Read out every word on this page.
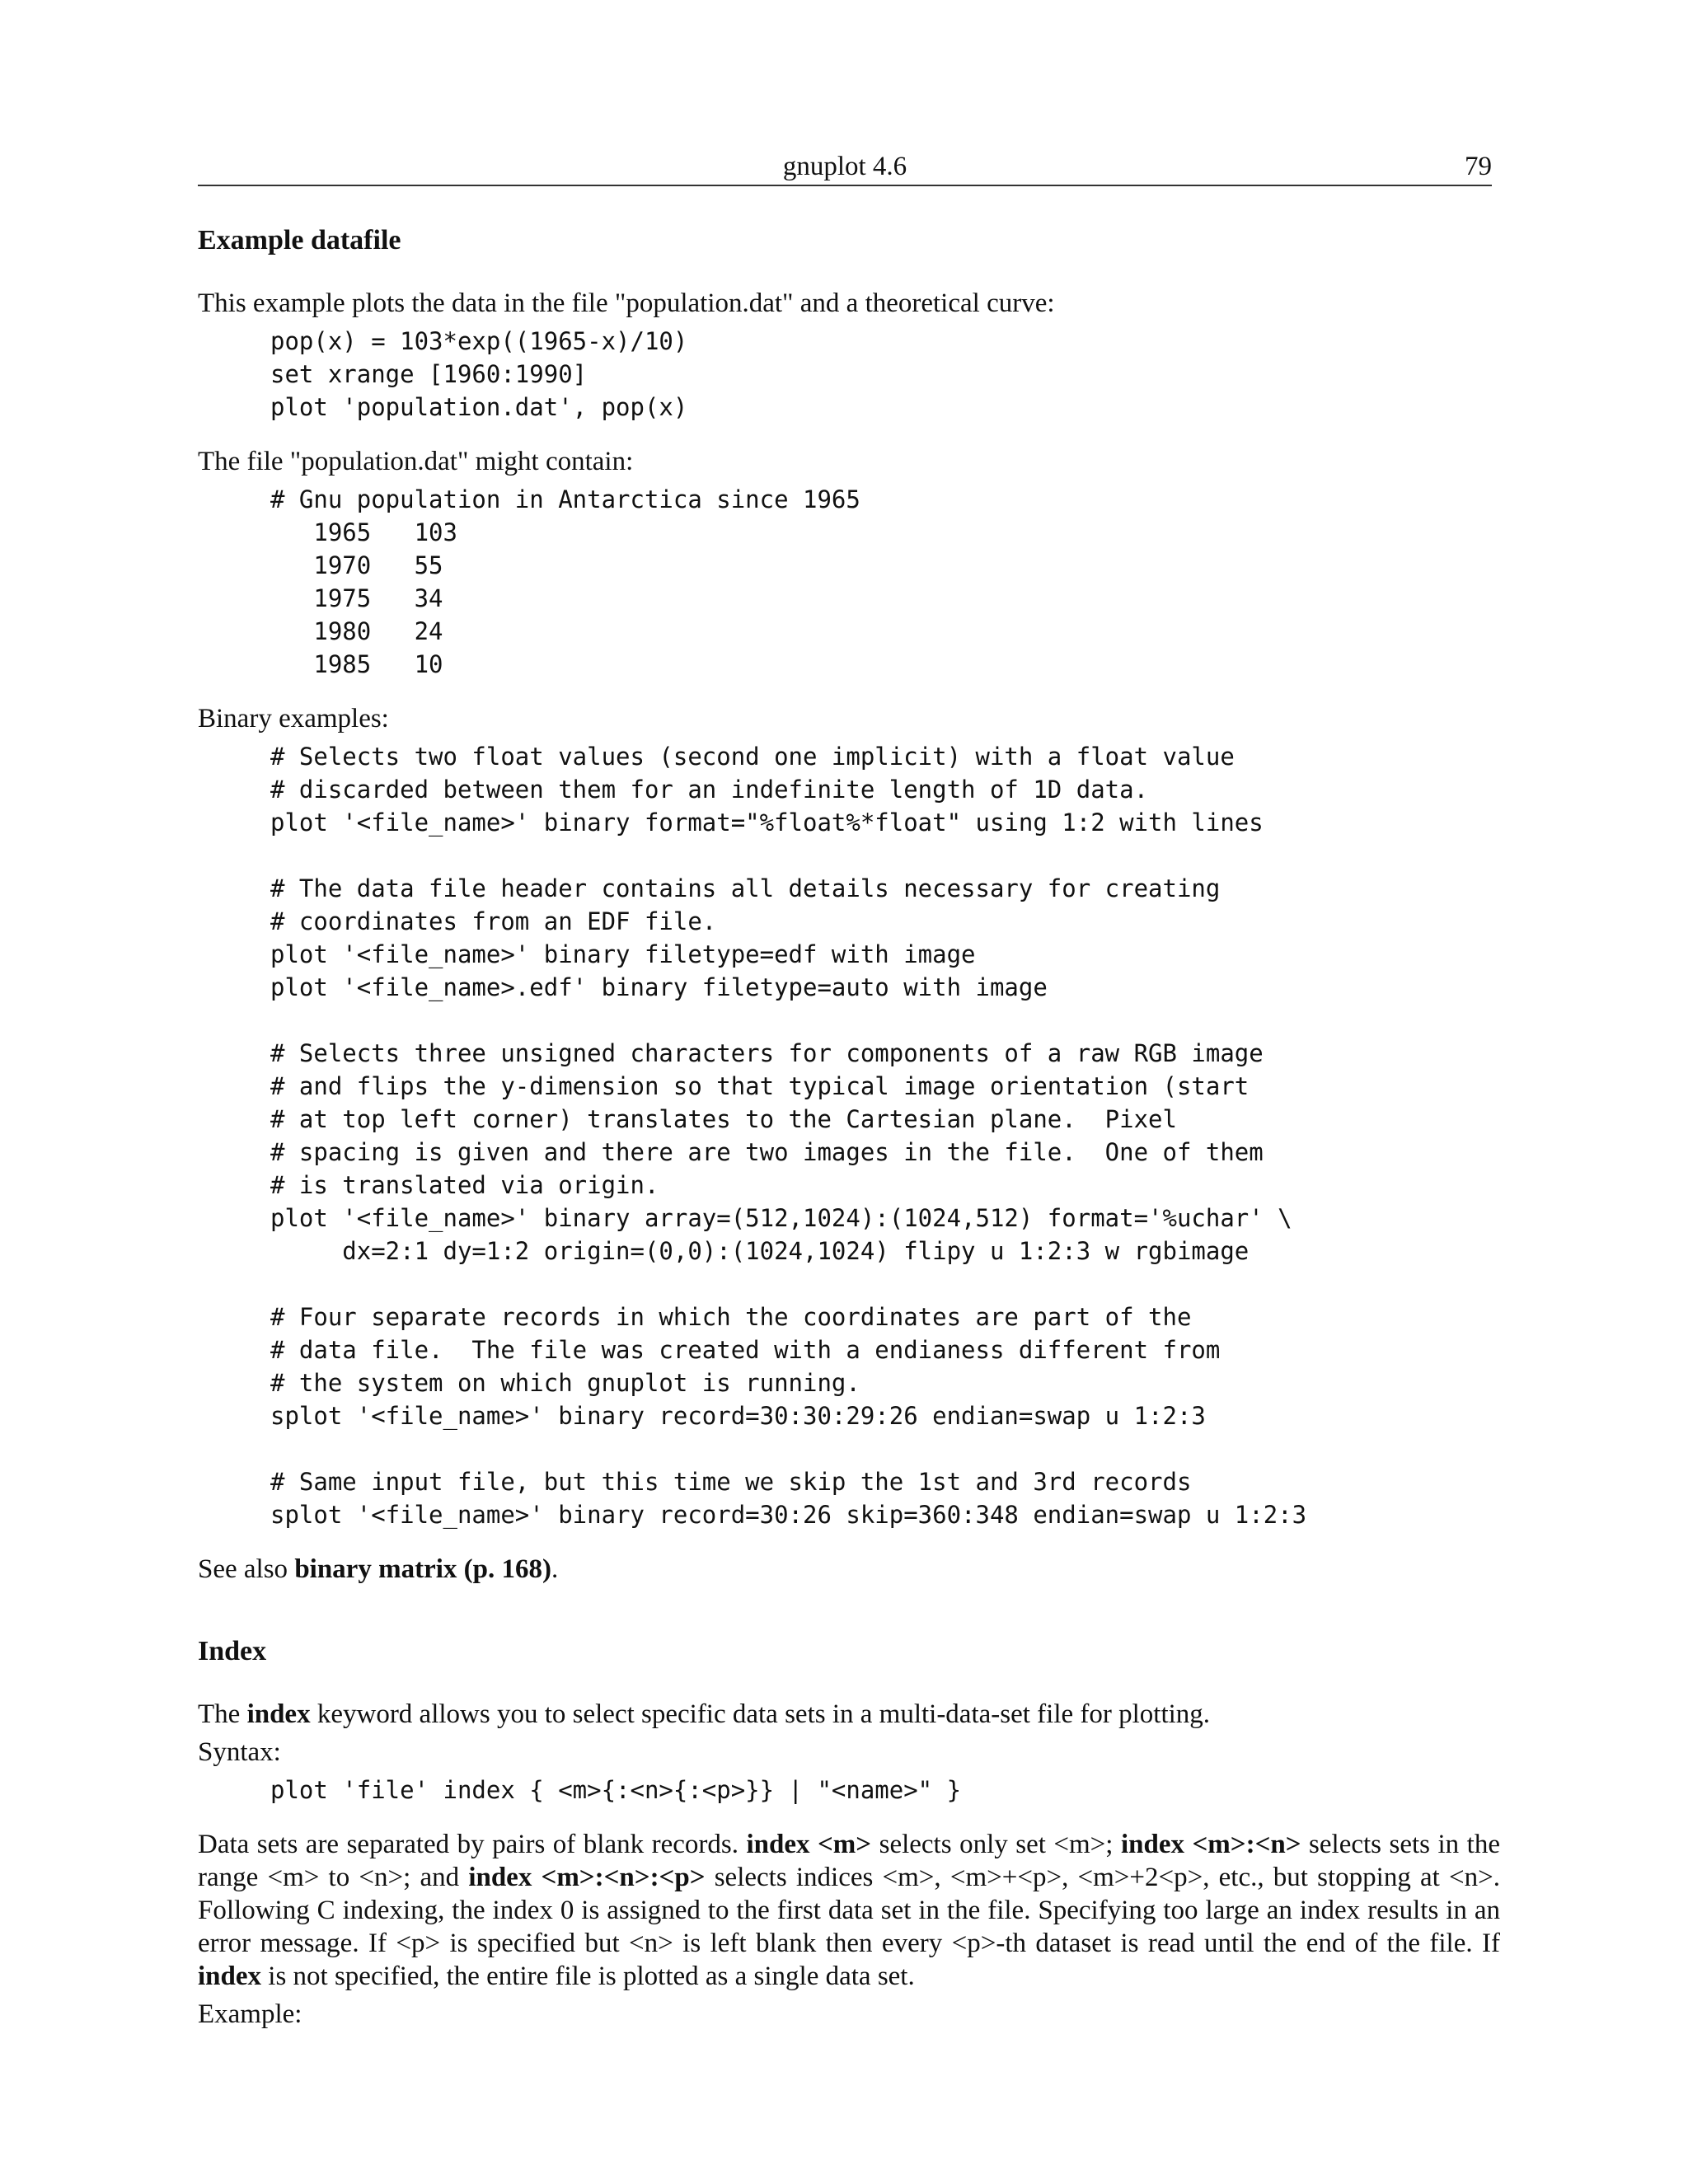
gnuplot 4.6	79
Example datafile

This example plots the data in the file "population.dat" and a theoretical curve:

pop(x) = 103*exp((1965-x)/10)
set xrange [1960:1990]
plot 'population.dat', pop(x)

The file "population.dat" might contain:

# Gnu population in Antarctica since 1965
1965   103
1970   55
1975   34
1980   24
1985   10

Binary examples:

# Selects two float values (second one implicit) with a float value
# discarded between them for an indefinite length of 1D data.
plot '<file_name>' binary format="%float%*float" using 1:2 with lines

# The data file header contains all details necessary for creating
# coordinates from an EDF file.
plot '<file_name>' binary filetype=edf with image
plot '<file_name>.edf' binary filetype=auto with image

# Selects three unsigned characters for components of a raw RGB image
# and flips the y-dimension so that typical image orientation (start
# at top left corner) translates to the Cartesian plane.  Pixel
# spacing is given and there are two images in the file.  One of them
# is translated via origin.
plot '<file_name>' binary array=(512,1024):(1024,512) format='%uchar' \
dx=2:1 dy=1:2 origin=(0,0):(1024,1024) flipy u 1:2:3 w rgbimage

# Four separate records in which the coordinates are part of the
# data file.  The file was created with a endianess different from
# the system on which gnuplot is running.
splot '<file_name>' binary record=30:30:29:26 endian=swap u 1:2:3

# Same input file, but this time we skip the 1st and 3rd records
splot '<file_name>' binary record=30:26 skip=360:348 endian=swap u 1:2:3

See also binary matrix (p. 168).

Index

The index keyword allows you to select specific data sets in a multi-data-set file for plotting.

Syntax:

plot 'file' index { <m>{:<n>{:<p>}} | "<name>" }

Data sets are separated by pairs of blank records. index <m> selects only set <m>; index <m>:<n> selects sets in the range <m> to <n>; and index <m>:<n>:<p> selects indices <m>, <m>+<p>, <m>+2<p>, etc., but stopping at <n>. Following C indexing, the index 0 is assigned to the first data set in the file. Specifying too large an index results in an error message. If <p> is specified but <n> is left blank then every <p>-th dataset is read until the end of the file. If index is not specified, the entire file is plotted as a single data set.

Example:
